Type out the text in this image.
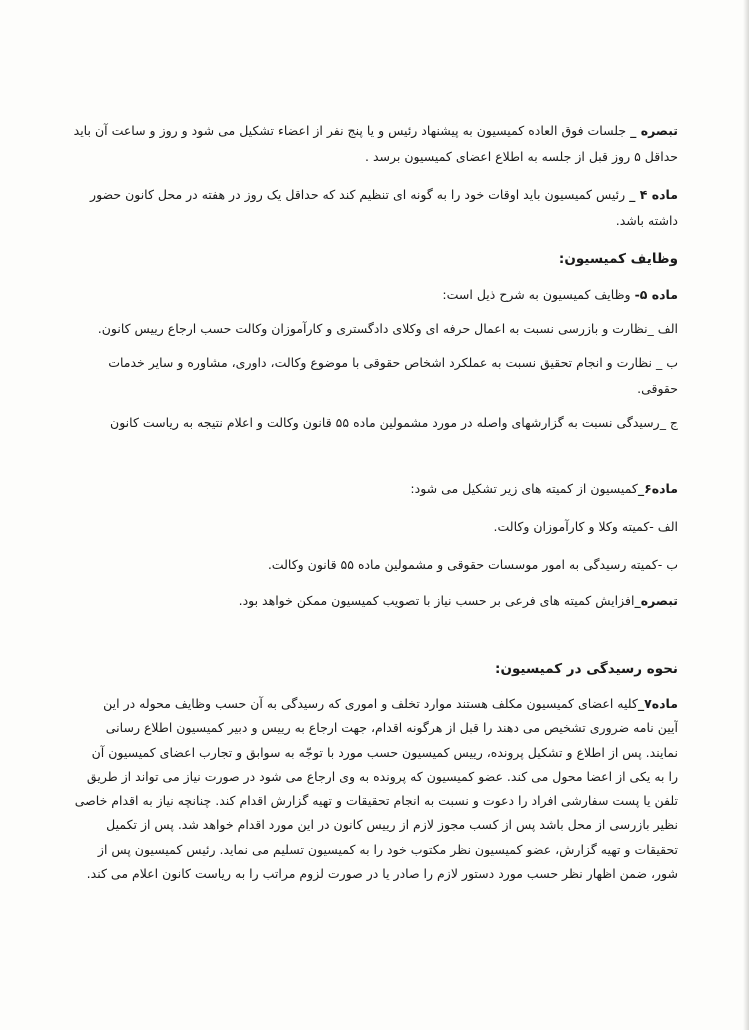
تبصره _ جلسات فوق العاده کمیسیون به پیشنهاد رئیس و یا پنج نفر از اعضاء تشکیل می شود و روز و ساعت آن باید
حداقل ۵ روز قبل از جلسه به اطلاع اعضای کمیسیون برسد .
ماده ۴ _ رئیس کمیسیون باید اوقات خود را به گونه ای تنظیم کند که حداقل یک روز در هفته در محل کانون حضور
داشته باشد.
وظایف کمیسیون:
ماده ۵- وظایف کمیسیون به شرح ذیل است:
الف _نظارت و بازرسی نسبت به اعمال حرفه ای وکلای دادگستری و کارآموزان وکالت حسب ارجاع رییس کانون.
ب _ نظارت و انجام تحقیق نسبت به عملکرد اشخاص حقوقی با موضوع وکالت، داوری، مشاوره و سایر خدمات
حقوقی.
ج _رسیدگی نسبت به گزارشهای واصله در مورد مشمولین ماده ۵۵ قانون وکالت و اعلام نتیجه به ریاست کانون
ماده۶_کمیسیون از کمیته های زیر تشکیل می شود:
الف -کمیته وکلا و کارآموزان وکالت.
ب -کمیته رسیدگی به امور موسسات حقوقی و مشمولین ماده ۵۵ قانون وکالت.
تبصره_افزایش کمیته های فرعی بر حسب نیاز با تصویب کمیسیون ممکن خواهد بود.
نحوه رسیدگی در کمیسیون:
ماده۷_کلیه اعضای کمیسیون مکلف هستند موارد تخلف و اموری که رسیدگی به آن حسب وظایف محوله در این
آیین نامه ضروری تشخیص می دهند را قبل از هرگونه اقدام، جهت ارجاع به رییس و دبیر کمیسیون اطلاع رسانی
نمایند. پس از اطلاع و تشکیل پرونده، رییس کمیسیون حسب مورد با توجّه به سوابق و تجارب اعضای کمیسیون آن
را به یکی از اعضا محول می کند. عضو کمیسیون که پرونده به وی ارجاع می شود در صورت نیاز می تواند از طریق
تلفن یا پست سفارشی افراد را دعوت و نسبت به انجام تحقیقات و تهیه گزارش اقدام کند. چنانچه نیاز به اقدام خاصی
نظیر بازرسی از محل باشد پس از کسب مجوز لازم از رییس کانون در این مورد اقدام خواهد شد. پس از تکمیل
تحقیقات و تهیه گزارش، عضو کمیسیون نظر مکتوب خود را به کمیسیون تسلیم می نماید. رئیس کمیسیون پس از
شور، ضمن اظهار نظر حسب مورد دستور لازم را صادر یا در صورت لزوم مراتب را به ریاست کانون اعلام می کند.
